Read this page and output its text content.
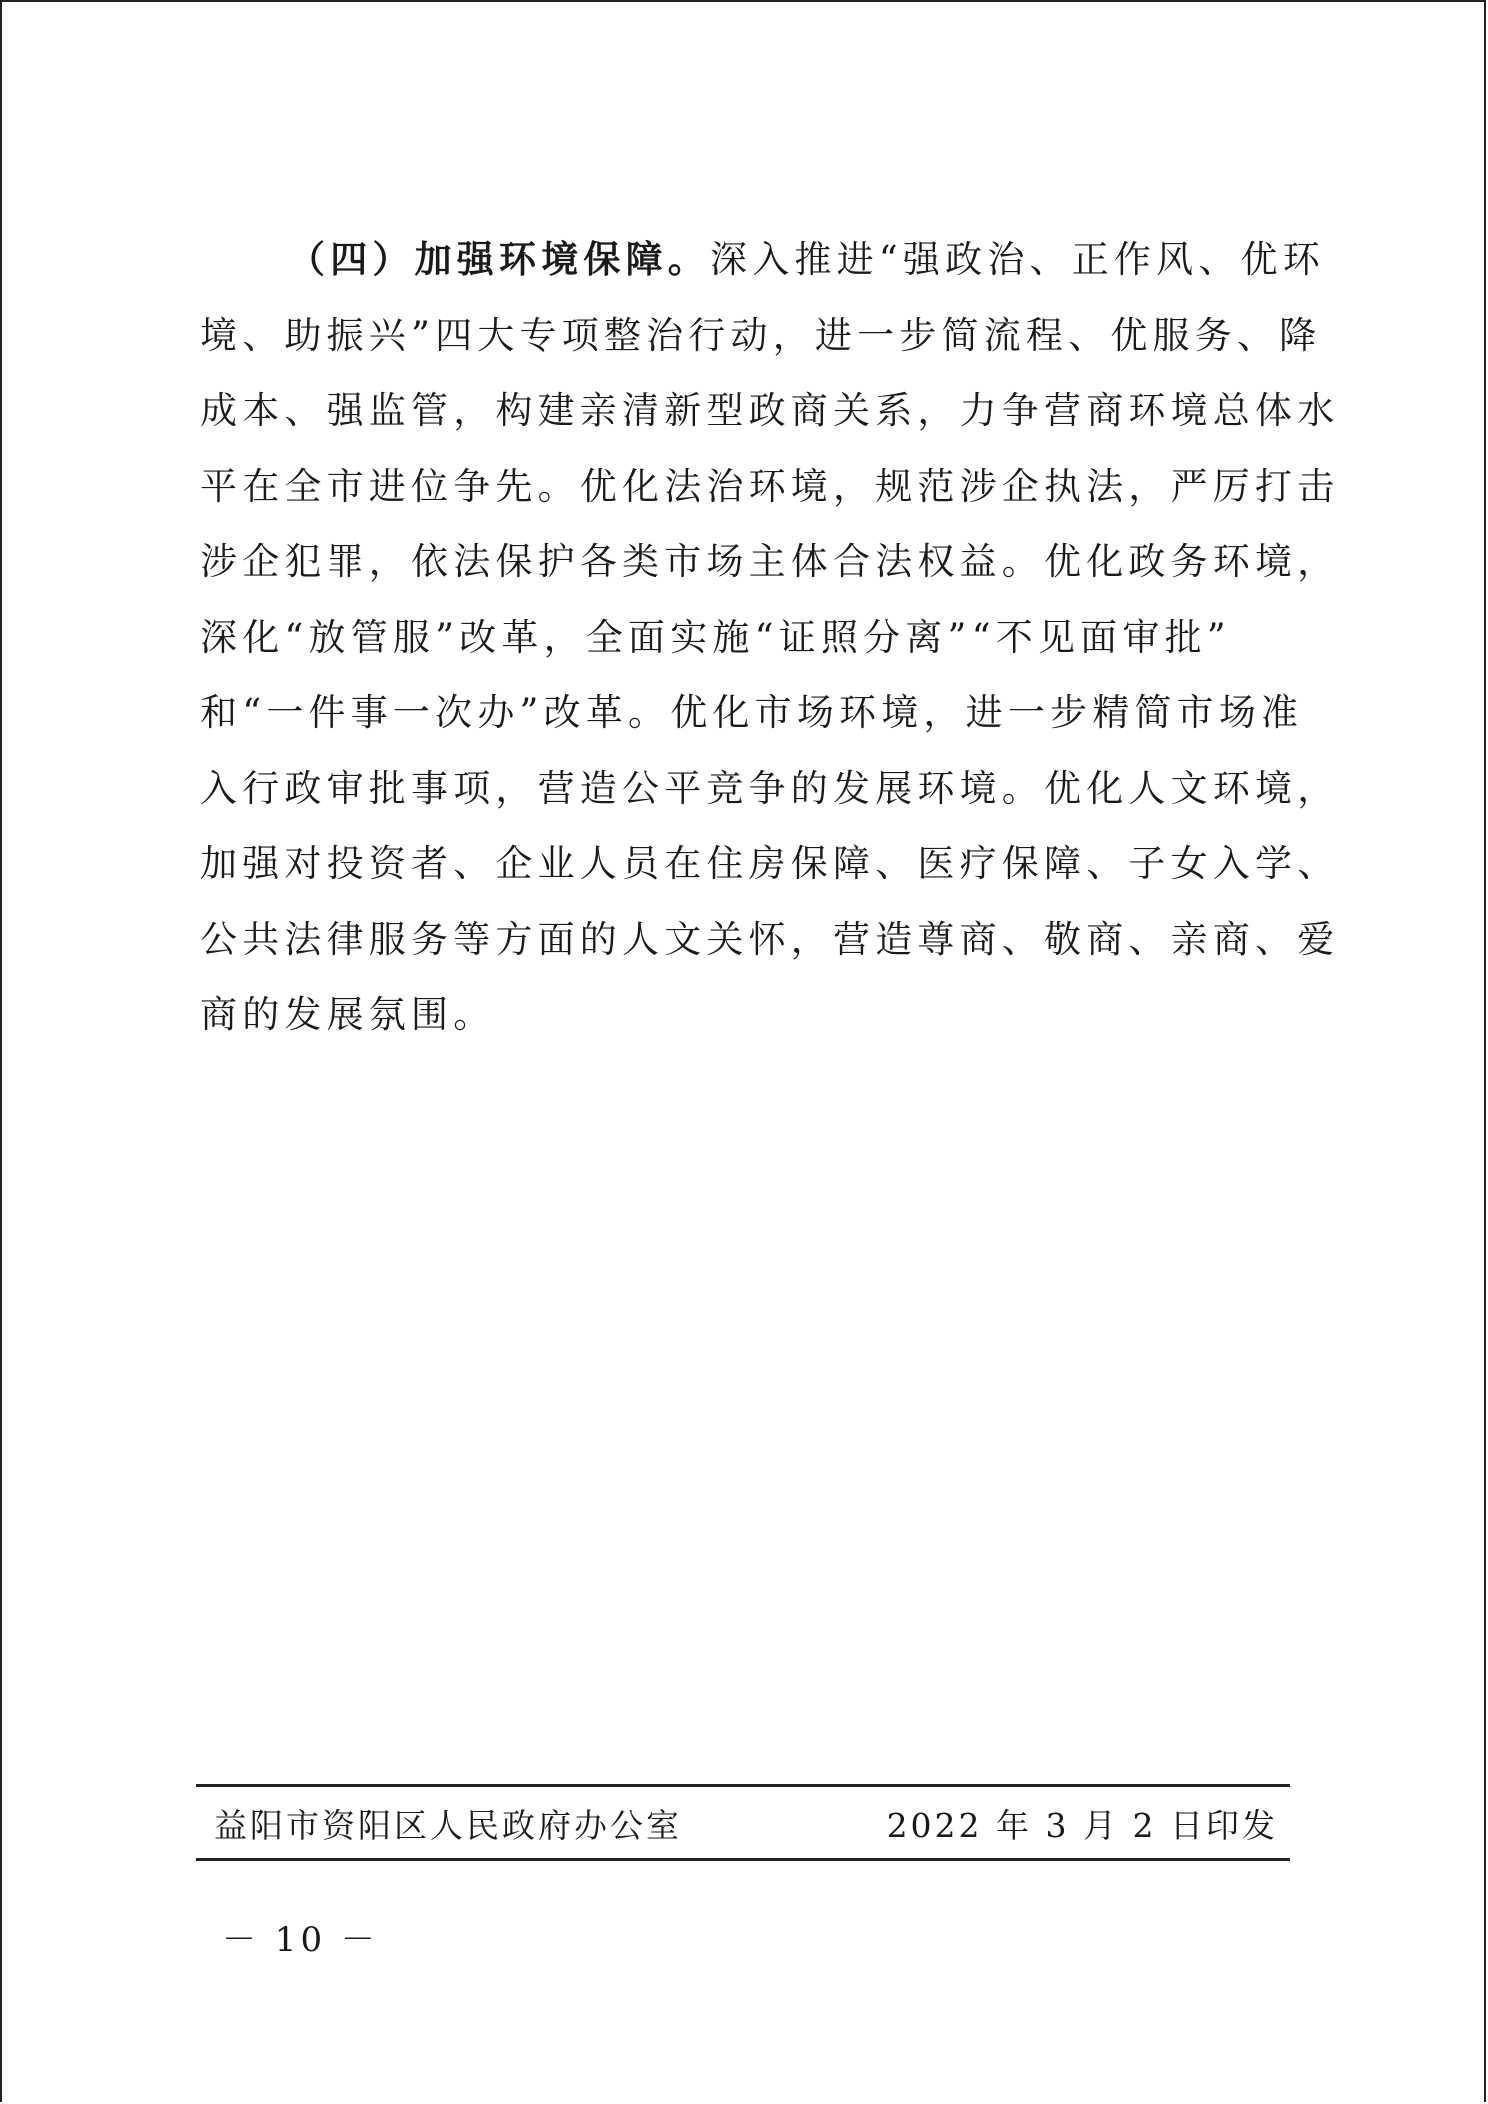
（四）加强环境保障。深入推进“强政治、正作风、优环
境、助振兴”四大专项整治行动，进一步简流程、优服务、降
成本、强监管，构建亲清新型政商关系，力争营商环境总体水
平在全市进位争先。优化法治环境，规范涉企执法，严厉打击
涉企犯罪，依法保护各类市场主体合法权益。优化政务环境，
深化“放管服”改革，全面实施“证照分离”“不见面审批”
和“一件事一次办”改革。优化市场环境，进一步精简市场准
入行政审批事项，营造公平竞争的发展环境。优化人文环境，
加强对投资者、企业人员在住房保障、医疗保障、子女入学、
公共法律服务等方面的人文关怀，营造尊商、敬商、亲商、爱
商的发展氛围。
益阳市资阳区人民政府办公室	2022 年 3 月 2 日印发
－ 10 －
